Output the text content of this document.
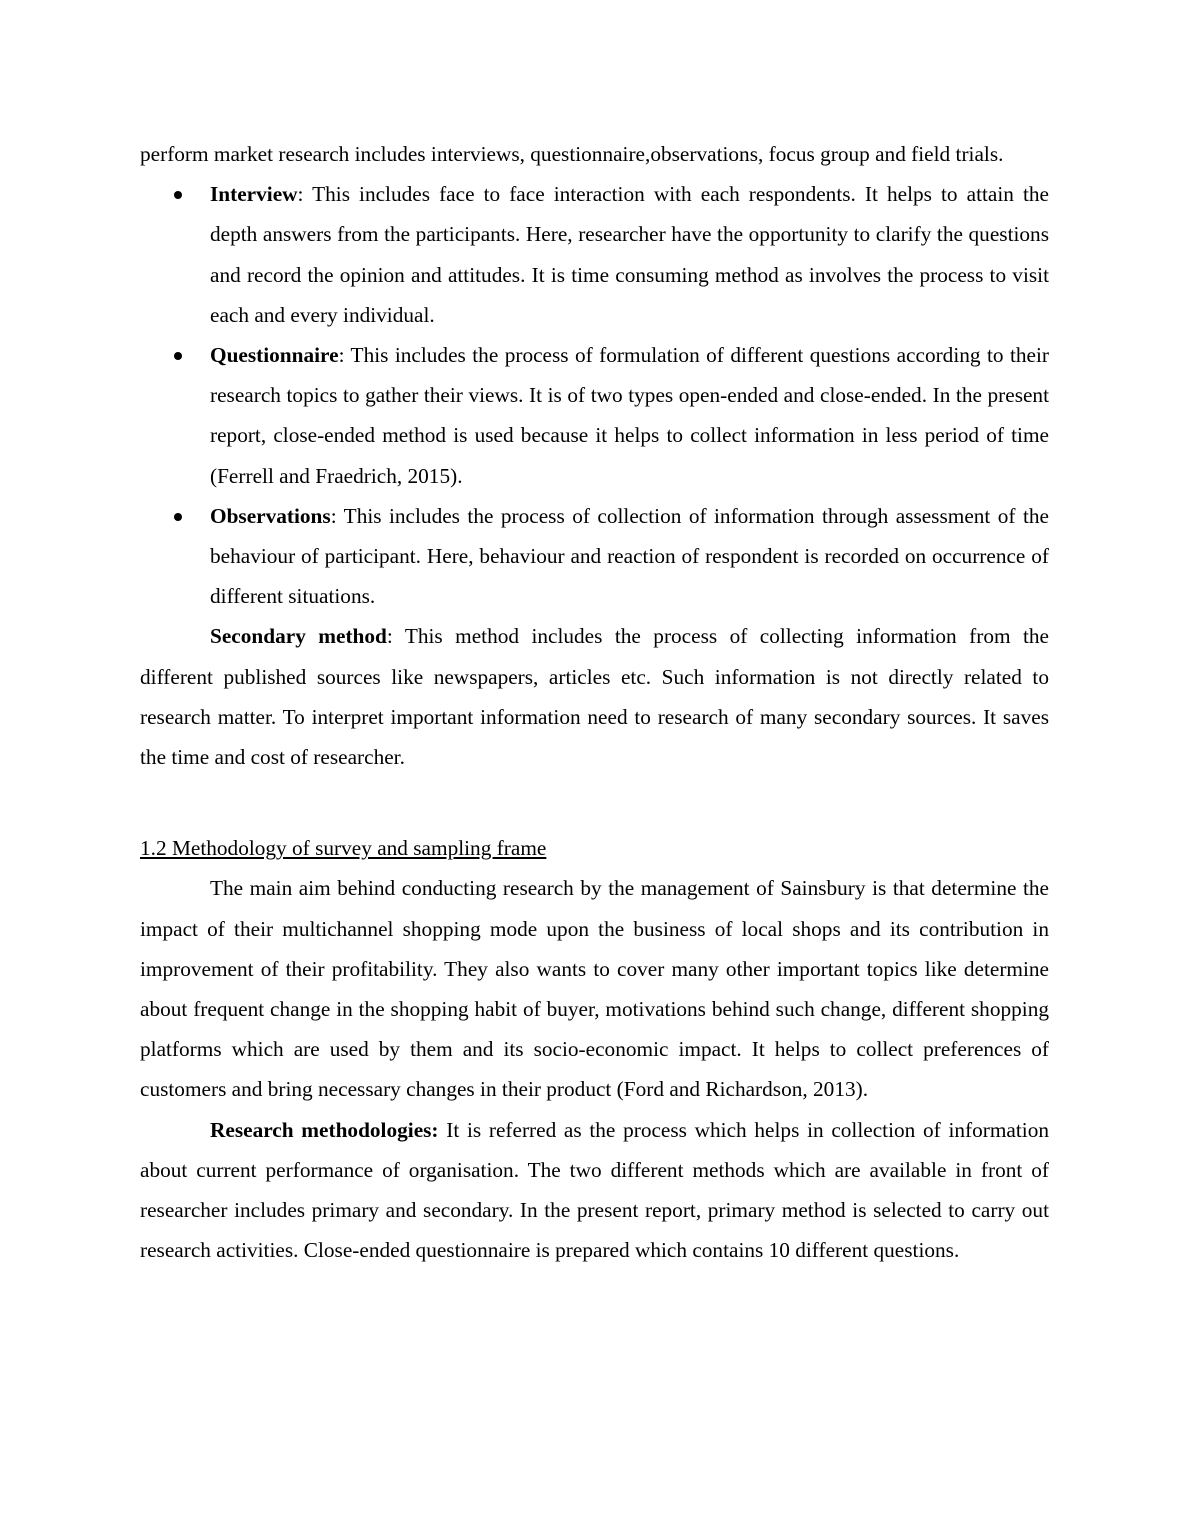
perform market research includes interviews, questionnaire,observations, focus group and field trials.

Interview: This includes face to face interaction with each respondents. It helps to attain the depth answers from the participants. Here, researcher have the opportunity to clarify the questions and record the opinion and attitudes. It is time consuming method as involves the process to visit each and every individual.
Questionnaire: This includes the process of formulation of different questions according to their research topics to gather their views. It is of two types open-ended and close-ended. In the present report, close-ended method is used because it helps to collect information in less period of time (Ferrell and Fraedrich, 2015).
Observations: This includes the process of collection of information through assessment of the behaviour of participant. Here, behaviour and reaction of respondent is recorded on occurrence of different situations.

Secondary method: This method includes the process of collecting information from the different published sources like newspapers, articles etc. Such information is not directly related to research matter. To interpret important information need to research of many secondary sources. It saves the time and cost of researcher.

1.2 Methodology of survey and sampling frame

The main aim behind conducting research by the management of Sainsbury is that determine the impact of their multichannel shopping mode upon the business of local shops and its contribution in improvement of their profitability. They also wants to cover many other important topics like determine about frequent change in the shopping habit of buyer, motivations behind such change, different shopping platforms which are used by them and its socio-economic impact. It helps to collect preferences of customers and bring necessary changes in their product (Ford and Richardson, 2013).

Research methodologies: It is referred as the process which helps in collection of information about current performance of organisation. The two different methods which are available in front of researcher includes primary and secondary. In the present report, primary method is selected to carry out research activities. Close-ended questionnaire is prepared which contains 10 different questions.
